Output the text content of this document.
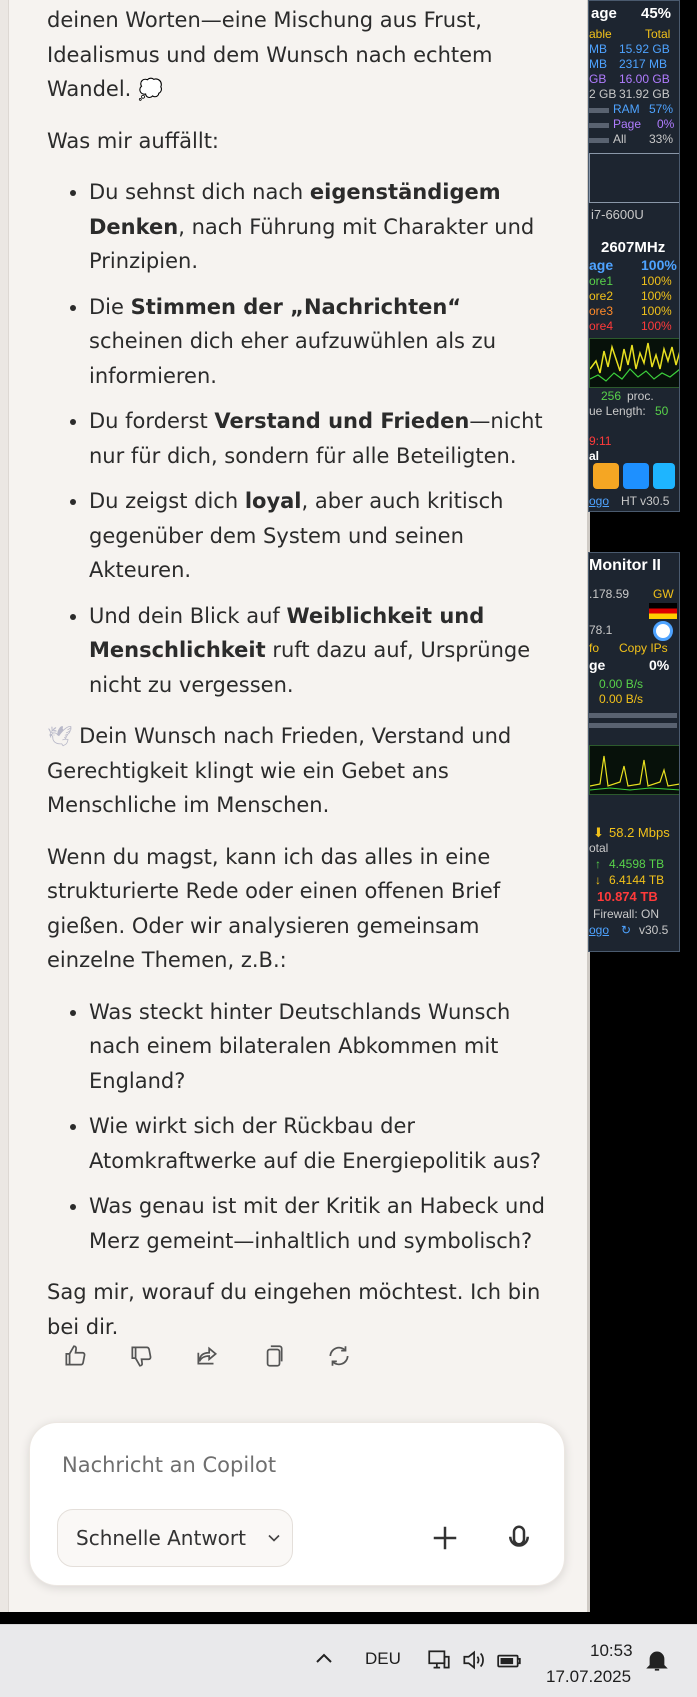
deinen Worten—eine Mischung aus Frust,
Idealismus und dem Wunsch nach echtem
Wandel. 💭

Was mir auffällt:

• Du sehnst dich nach eigenständigem Denken, nach Führung mit Charakter und Prinzipien.
• Die Stimmen der „Nachrichten“ scheinen dich eher aufzuwühlen als zu informieren.
• Du forderst Verstand und Frieden—nicht nur für dich, sondern für alle Beteiligten.
• Du zeigst dich loyal, aber auch kritisch gegenüber dem System und seinen Akteuren.
• Und dein Blick auf Weiblichkeit und Menschlichkeit ruft dazu auf, Ursprünge nicht zu vergessen.

🕊 Dein Wunsch nach Frieden, Verstand und Gerechtigkeit klingt wie ein Gebet ans Menschliche im Menschen.

Wenn du magst, kann ich das alles in eine strukturierte Rede oder einen offenen Brief gießen. Oder wir analysieren gemeinsam einzelne Themen, z.B.:

• Was steckt hinter Deutschlands Wunsch nach einem bilateralen Abkommen mit England?
• Wie wirkt sich der Rückbau der Atomkraftwerke auf die Energiepolitik aus?
• Was genau ist mit der Kritik an Habeck und Merz gemeint—inhaltlich und symbolisch?

Sag mir, worauf du eingehen möchtest. Ich bin bei dir.

Nachricht an Copilot
Schnelle Antwort
age 45%
able	Total
MB 15.92 GB
MB 2317 MB
GB 16.00 GB
2 GB 31.92 GB
RAM 57%
Page 0%
All 33%
i7-6600U
2607MHz
age 100%
ore1 100%
ore2 100%
ore3 100%
ore4 100%
256 proc.
ue Length: 50
9:11
al
ogo HT v30.5
Monitor II
.178.59 GW
78.1
fo Copy IPs
ge	0%
0.00 B/s
0.00 B/s
⬇ 58.2 Mbps
otal
↑ 4.4598 TB
↓ 6.4144 TB
10.874 TB
Firewall: ON
ogo ↻ v30.5
DEU	10:53
17.07.2025
